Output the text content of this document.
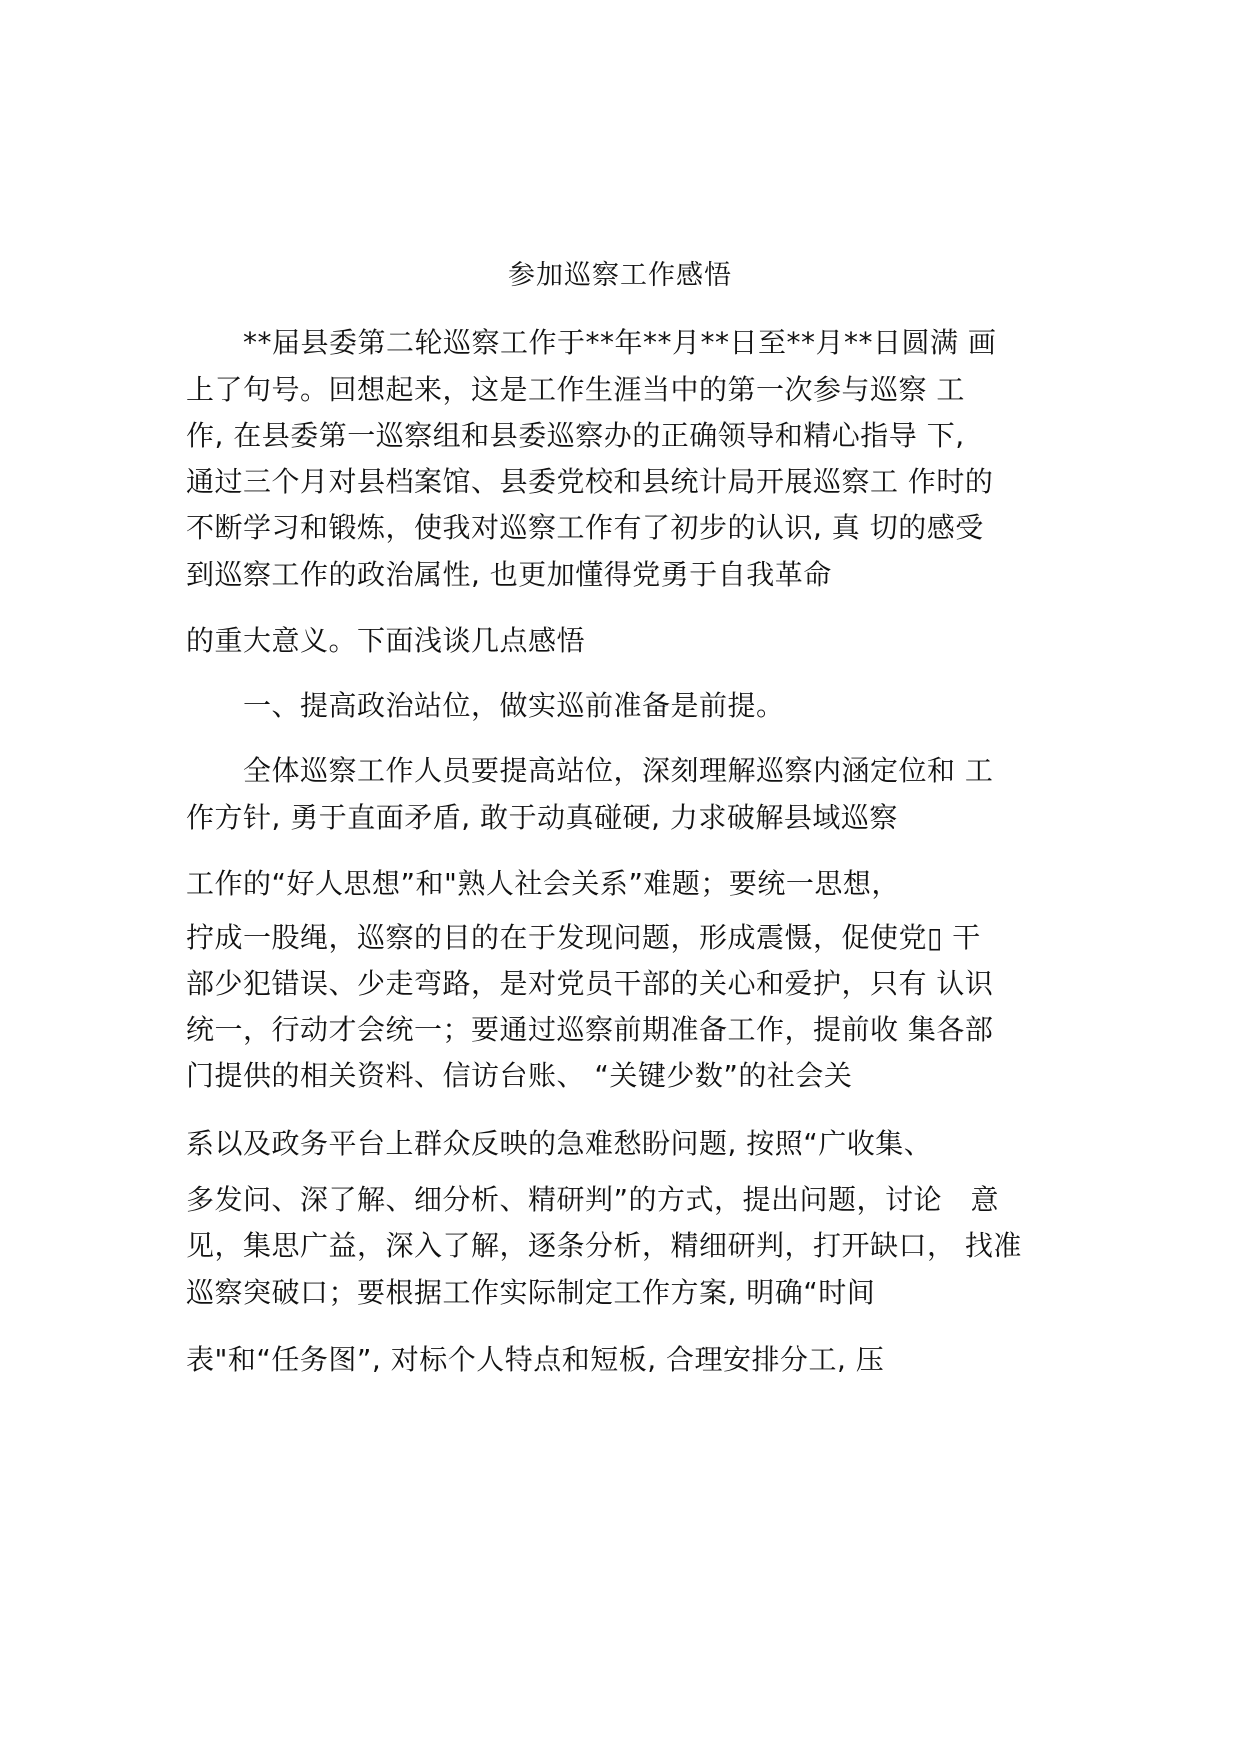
参加巡察工作感悟
　　**届县委第二轮巡察工作于**年**月**日至**月**日圆满 画
上了句号。回想起来，这是工作生涯当中的第一次参与巡察 工
作, 在县委第一巡察组和县委巡察办的正确领导和精心指导 下,
通过三个月对县档案馆、县委党校和县统计局开展巡察工 作时的
不断学习和锻炼，使我对巡察工作有了初步的认识, 真 切的感受
到巡察工作的政治属性, 也更加懂得党勇于自我革命
的重大意义。下面浅谈几点感悟
　　一、提高政治站位，做实巡前准备是前提。
　　全体巡察工作人员要提高站位，深刻理解巡察内涵定位和 工
作方针, 勇于直面矛盾, 敢于动真碰硬, 力求破解县域巡察
工作的“好人思想”和"熟人社会关系”难题；要统一思想，
拧成一股绳，巡察的目的在于发现问题，形成震慑，促使党▯ 干
部少犯错误、少走弯路，是对党员干部的关心和爱护，只有 认识
统一，行动才会统一；要通过巡察前期准备工作，提前收 集各部
门提供的相关资料、信访台账、 “关键少数”的社会关
系以及政务平台上群众反映的急难愁盼问题, 按照“广收集、
多发问、深了解、细分析、精研判”的方式，提出问题，讨论　意
见，集思广益，深入了解，逐条分析，精细研判，打开缺口， 找准
巡察突破口；要根据工作实际制定工作方案, 明确“时间
表"和“任务图”, 对标个人特点和短板, 合理安排分工, 压
